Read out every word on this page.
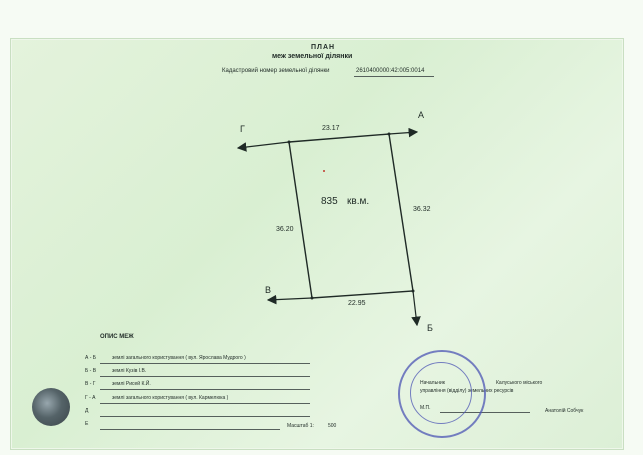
ПЛАН
меж земельної ділянки
Кадастровий номер земельної ділянки	2610400000:42:005:0014
Г
А
В
Б
23.17
36.32
36.20
22.95
835 кв.м.
ОПИС МЕЖ
А - Б	землі загального користування ( вул. Ярослава Мудрого )
Б - В	землі Кузів І.В.
В - Г	землі Рисей К.Й.
Г - А	землі загального користування ( вул. Кармелюка )
Д
Е	Масштаб 1:	500
Начальник
управління (відділу) земельних ресурсів
Калуського міського
М.П.	Анатолій Собчук
